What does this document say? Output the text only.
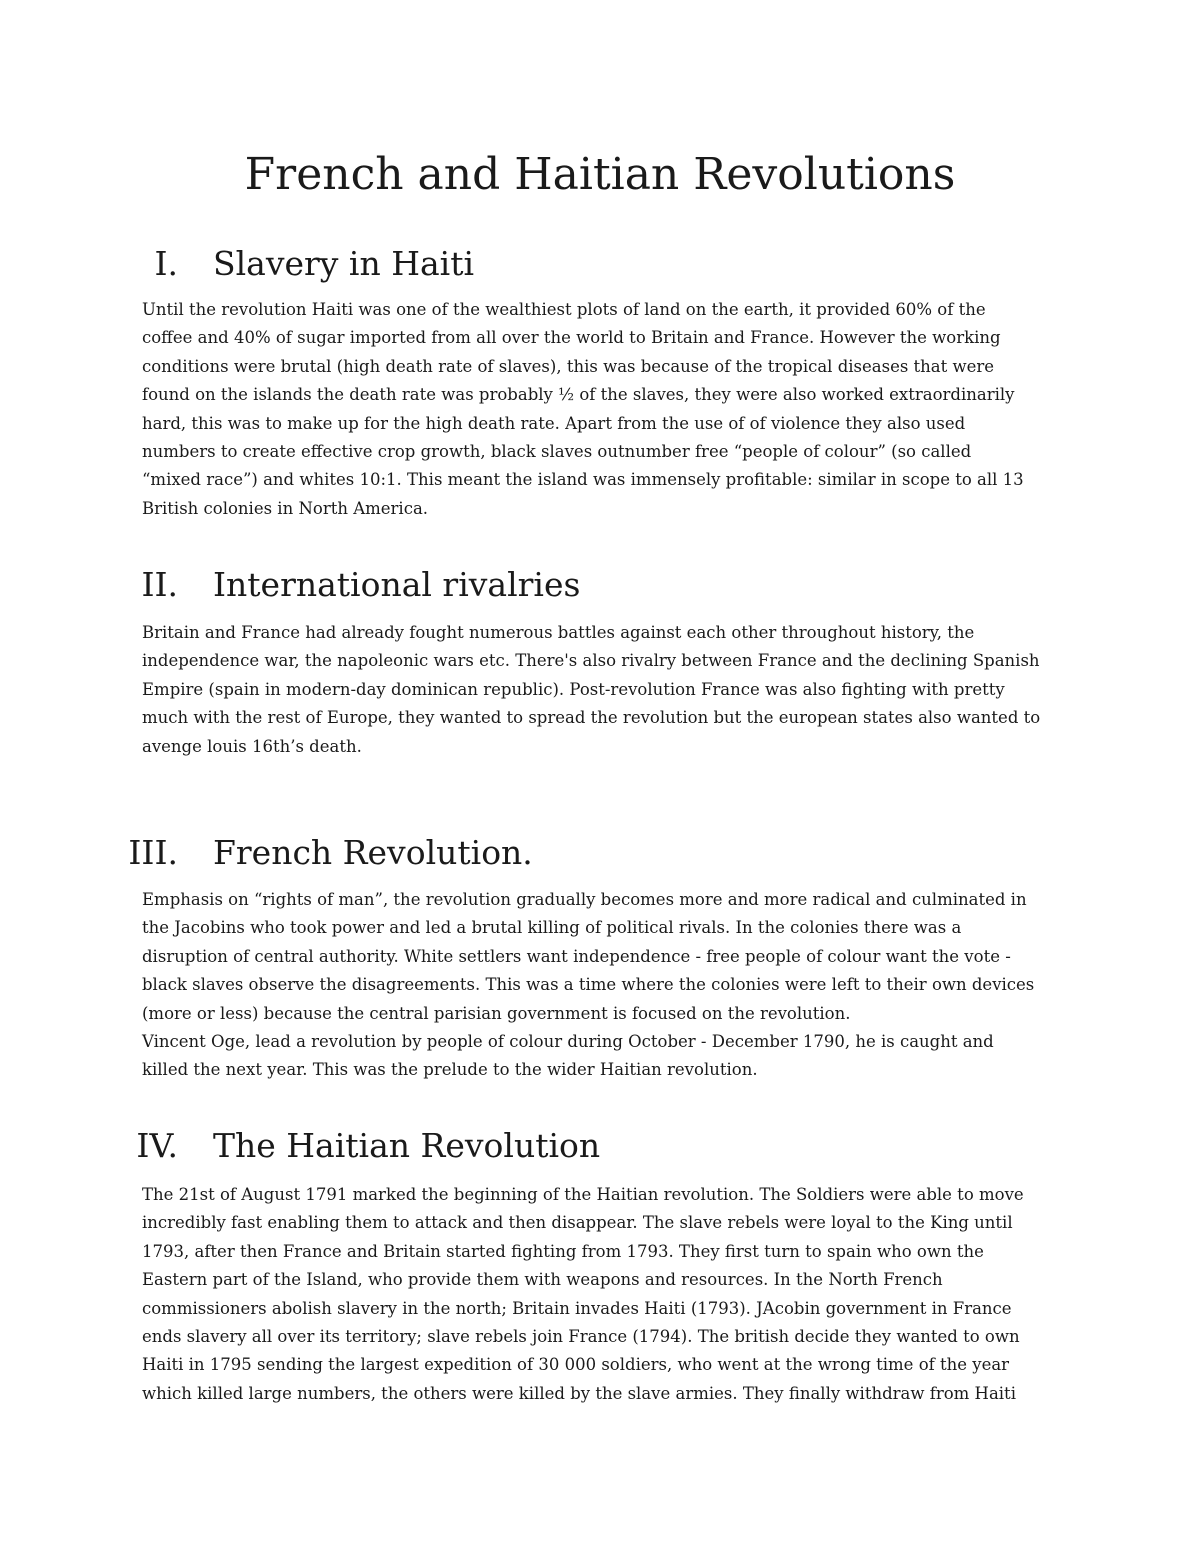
French and Haitian Revolutions
I. Slavery in Haiti

Until the revolution Haiti was one of the wealthiest plots of land on the earth, it provided 60% of the
coffee and 40% of sugar imported from all over the world to Britain and France. However the working
conditions were brutal (high death rate of slaves), this was because of the tropical diseases that were
found on the islands the death rate was probably ½ of the slaves, they were also worked extraordinarily
hard, this was to make up for the high death rate. Apart from the use of of violence they also used
numbers to create effective crop growth, black slaves outnumber free “people of colour” (so called
“mixed race”) and whites 10:1. This meant the island was immensely profitable: similar in scope to all 13
British colonies in North America.

II. International rivalries

Britain and France had already fought numerous battles against each other throughout history, the
independence war, the napoleonic wars etc. There's also rivalry between France and the declining Spanish
Empire (spain in modern-day dominican republic). Post-revolution France was also fighting with pretty
much with the rest of Europe, they wanted to spread the revolution but the european states also wanted to
avenge louis 16th’s death.

III. French Revolution.

Emphasis on “rights of man”, the revolution gradually becomes more and more radical and culminated in
the Jacobins who took power and led a brutal killing of political rivals. In the colonies there was a
disruption of central authority. White settlers want independence - free people of colour want the vote -
black slaves observe the disagreements. This was a time where the colonies were left to their own devices
(more or less) because the central parisian government is focused on the revolution.
Vincent Oge, lead a revolution by people of colour during October - December 1790, he is caught and
killed the next year. This was the prelude to the wider Haitian revolution.

IV. The Haitian Revolution

The 21st of August 1791 marked the beginning of the Haitian revolution. The Soldiers were able to move
incredibly fast enabling them to attack and then disappear. The slave rebels were loyal to the King until
1793, after then France and Britain started fighting from 1793. They first turn to spain who own the
Eastern part of the Island, who provide them with weapons and resources. In the North French
commissioners abolish slavery in the north; Britain invades Haiti (1793). JAcobin government in France
ends slavery all over its territory; slave rebels join France (1794). The british decide they wanted to own
Haiti in 1795 sending the largest expedition of 30 000 soldiers, who went at the wrong time of the year
which killed large numbers, the others were killed by the slave armies. They finally withdraw from Haiti
